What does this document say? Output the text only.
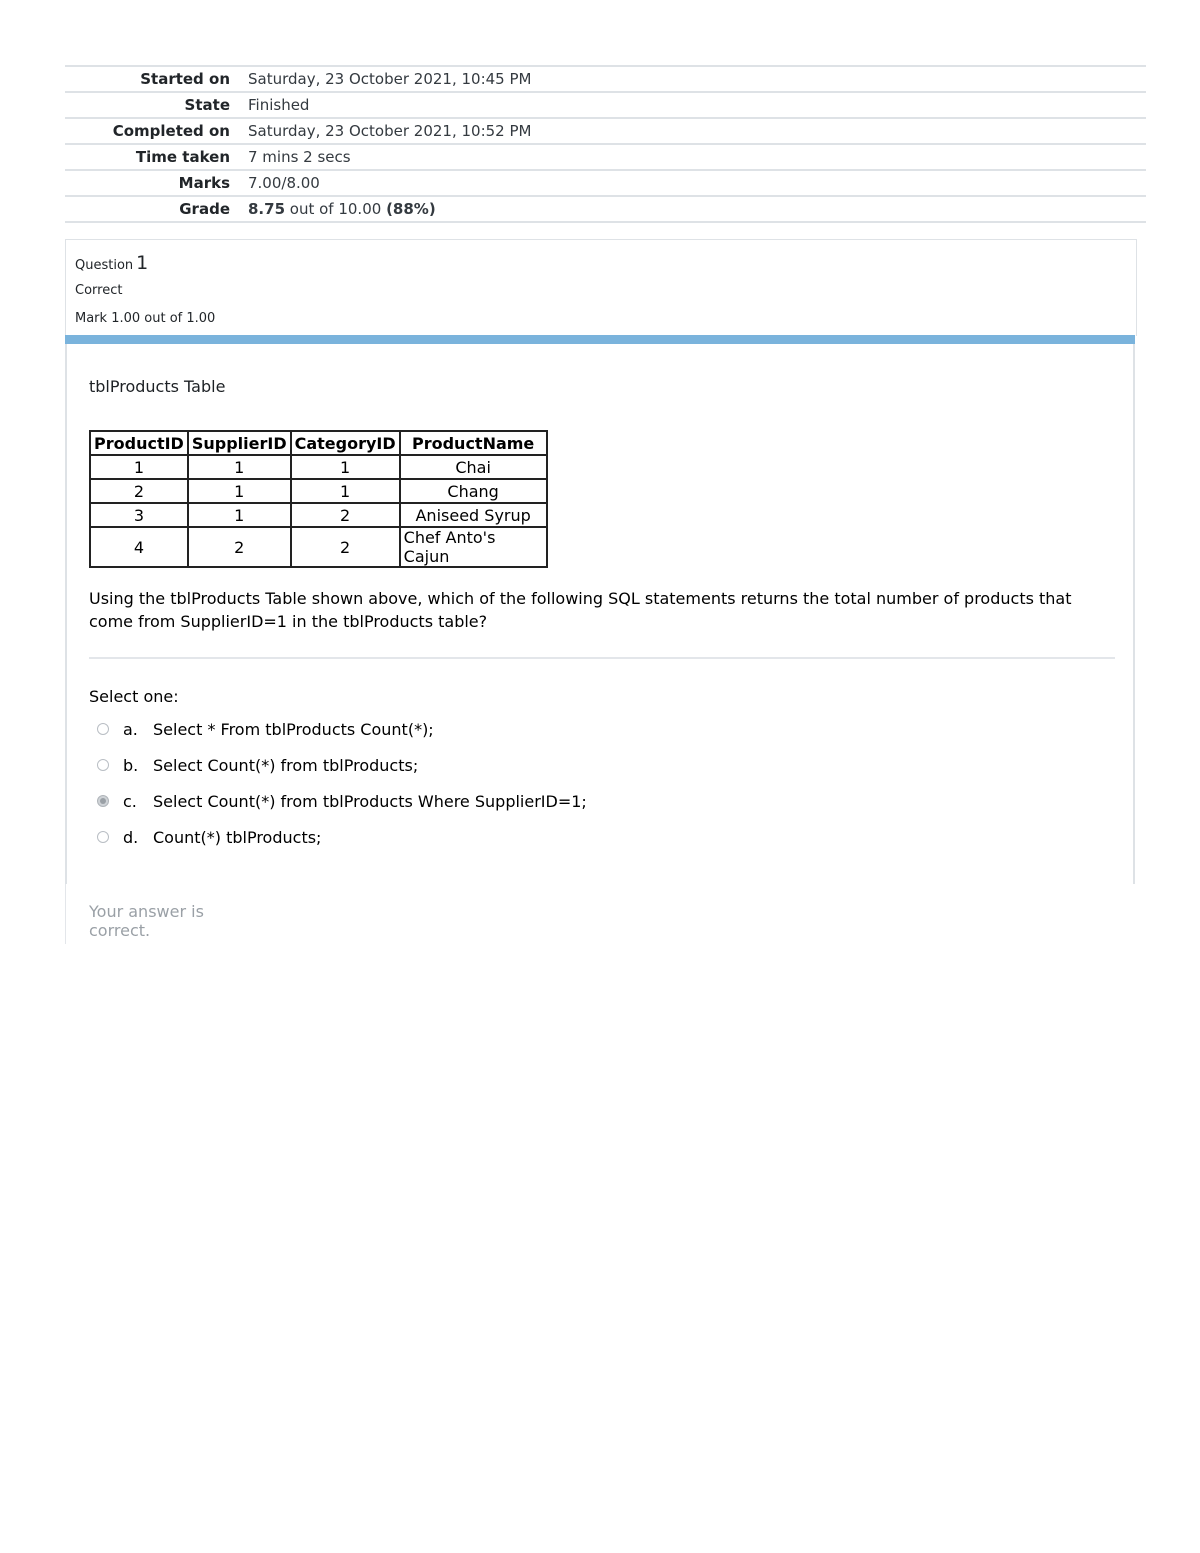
Started on Saturday, 23 October 2021, 10:45 PM
State Finished
Completed on Saturday, 23 October 2021, 10:52 PM
Time taken 7 mins 2 secs
Marks 7.00/8.00
Grade 8.75 out of 10.00 (88%)
Question 1
Correct
Mark 1.00 out of 1.00
tblProducts Table
ProductID	SupplierID	CategoryID	ProductName
1	1	1	Chai
2	1	1	Chang
3	1	2	Aniseed Syrup
4	2	2	Chef Anto's Cajun
Using the tblProducts Table shown above, which of the following SQL statements returns the total number of products that come from SupplierID=1 in the tblProducts table?
Select one:
a. Select * From tblProducts Count(*);
b. Select Count(*) from tblProducts;
c.	Select Count(*) from tblProducts Where SupplierID=1;
d. Count(*) tblProducts;
Your answer is correct.
